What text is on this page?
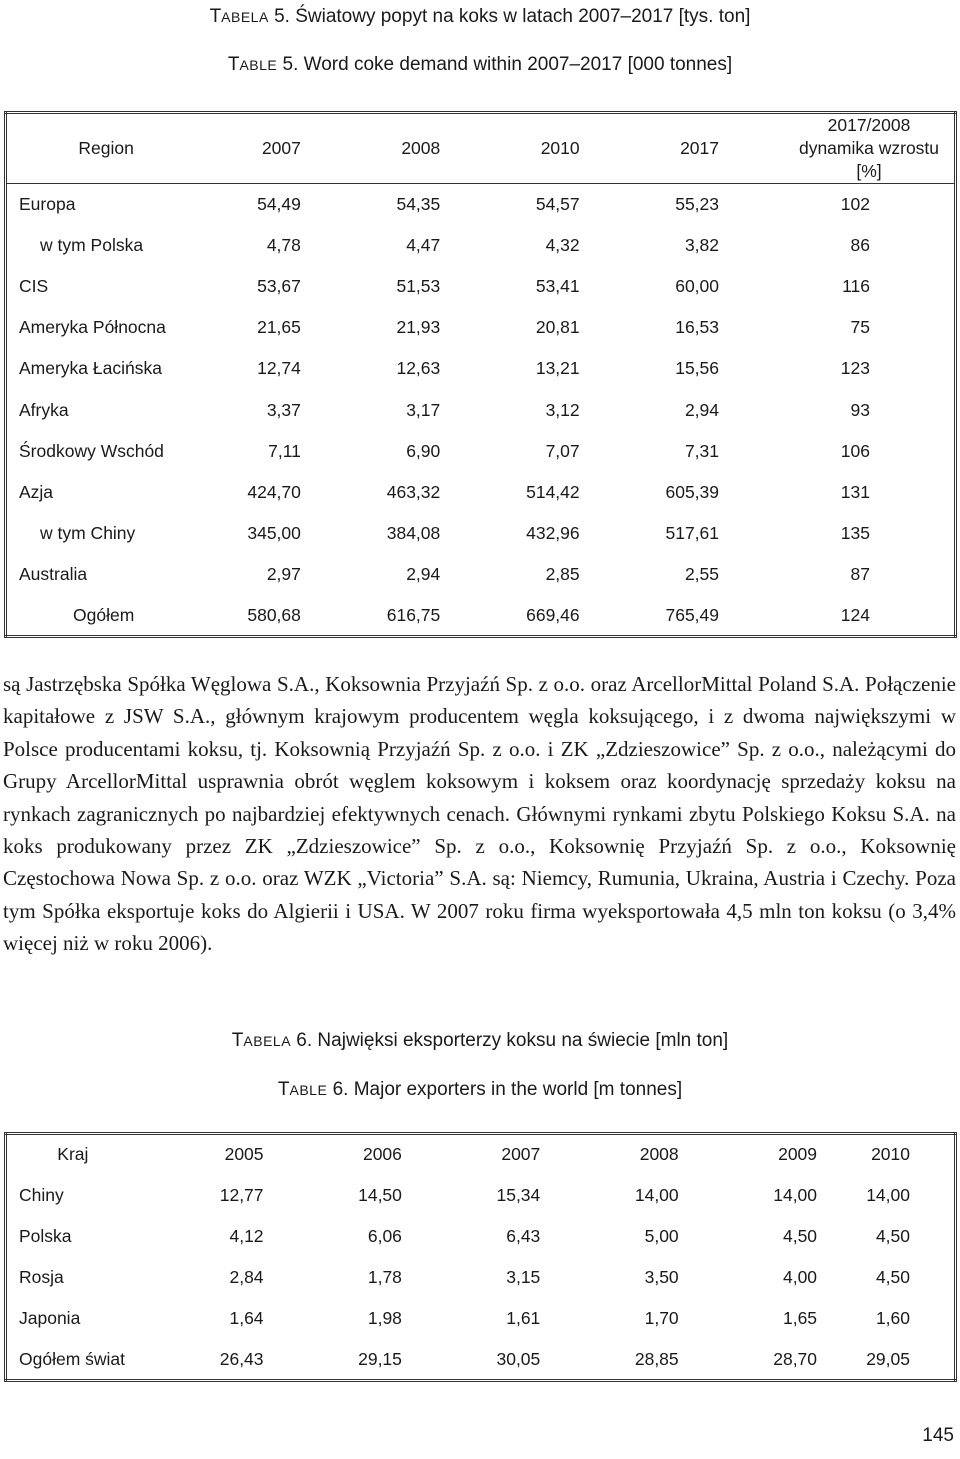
TABELA 5. Światowy popyt na koks w latach 2007–2017 [tys. ton]
TABLE 5. Word coke demand within 2007–2017 [000 tonnes]
Region	2007	2008	2010	2017	2017/2008 dynamika wzrostu [%]
Europa	54,49	54,35	54,57	55,23	102
w tym Polska	4,78	4,47	4,32	3,82	86
CIS	53,67	51,53	53,41	60,00	116
Ameryka Północna	21,65	21,93	20,81	16,53	75
Ameryka Łacińska	12,74	12,63	13,21	15,56	123
Afryka	3,37	3,17	3,12	2,94	93
Środkowy Wschód	7,11	6,90	7,07	7,31	106
Azja	424,70	463,32	514,42	605,39	131
w tym Chiny	345,00	384,08	432,96	517,61	135
Australia	2,97	2,94	2,85	2,55	87
Ogółem	580,68	616,75	669,46	765,49	124

są Jastrzębska Spółka Węglowa S.A., Koksownia Przyjaźń Sp. z o.o. oraz ArcellorMittal Poland S.A. Połączenie kapitałowe z JSW S.A., głównym krajowym producentem węgla koksującego, i z dwoma największymi w Polsce producentami koksu, tj. Koksownią Przyjaźń Sp. z o.o. i ZK „Zdzieszowice” Sp. z o.o., należącymi do Grupy ArcellorMittal usprawnia obrót węglem koksowym i koksem oraz koordynację sprzedaży koksu na rynkach zagranicznych po najbardziej efektywnych cenach. Głównymi rynkami zbytu Polskiego Koksu S.A. na koks produkowany przez ZK „Zdzieszowice” Sp. z o.o., Koksownię Przyjaźń Sp. z o.o., Koksownię Częstochowa Nowa Sp. z o.o. oraz WZK „Victoria” S.A. są: Niemcy, Rumunia, Ukraina, Austria i Czechy. Poza tym Spółka eksportuje koks do Algierii i USA. W 2007 roku firma wyeksportowała 4,5 mln ton koksu (o 3,4% więcej niż w roku 2006).

TABELA 6. Najwięksi eksporterzy koksu na świecie [mln ton]
TABLE 6. Major exporters in the world [m tonnes]
Kraj	2005	2006	2007	2008	2009	2010
Chiny	12,77	14,50	15,34	14,00	14,00	14,00
Polska	4,12	6,06	6,43	5,00	4,50	4,50
Rosja	2,84	1,78	3,15	3,50	4,00	4,50
Japonia	1,64	1,98	1,61	1,70	1,65	1,60
Ogółem świat	26,43	29,15	30,05	28,85	28,70	29,05
145
